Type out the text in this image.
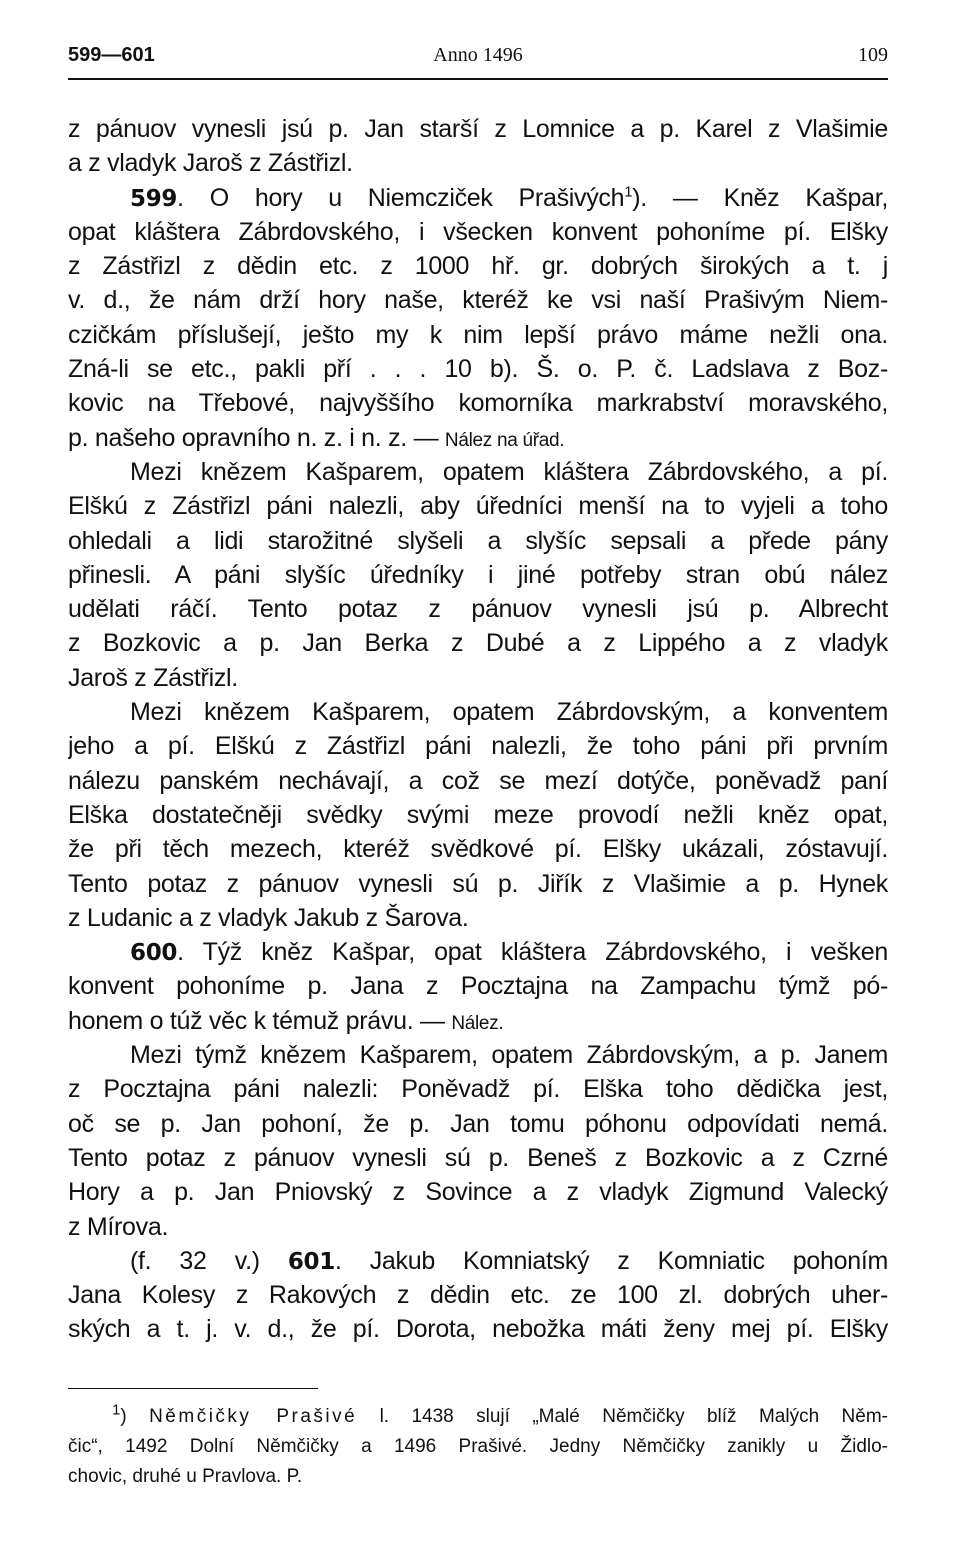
599—601	Anno 1496	109
z pánuov vynesli jsú p. Jan starší z Lomnice a p. Karel z Vlašimie
a z vladyk Jaroš z Zástřizl.
599. O hory u Niemcziček Prašivých$^1$). — Kněz Kašpar,
opat kláštera Zábrdovského, i všecken konvent pohoníme pí. Elšky
z Zástřizl z dědin etc. z 1000 hř. gr. dobrých širokých a t. j
v. d., že nám drží hory naše, kteréž ke vsi naší Prašivým Niem-
czičkám příslušejí, ješto my k nim lepší právo máme nežli ona.
Zná-li se etc., pakli pří . . . 10 b). Š. o. P. č. Ladslava z Boz-
kovic na Třebové, najvyššího komorníka markrabství moravského,
p. našeho opravního n. z. i n. z. — Nález na úřad.
Mezi knězem Kašparem, opatem kláštera Zábrdovského, a pí.
Elškú z Zástřizl páni nalezli, aby úředníci menší na to vyjeli a toho
ohledali a lidi starožitné slyšeli a slyšíc sepsali a přede pány
přinesli. A páni slyšíc úředníky i jiné potřeby stran obú nález
udělati ráčí. Tento potaz z pánuov vynesli jsú p. Albrecht
z Bozkovic a p. Jan Berka z Dubé a z Lippého a z vladyk
Jaroš z Zástřizl.
Mezi knězem Kašparem, opatem Zábrdovským, a konventem
jeho a pí. Elškú z Zástřizl páni nalezli, že toho páni při prvním
nálezu panském nechávají, a což se mezí dotýče, poněvadž paní
Elška dostatečněji svědky svými meze provodí nežli kněz opat,
že při těch mezech, kteréž svědkové pí. Elšky ukázali, zóstavují.
Tento potaz z pánuov vynesli sú p. Jiřík z Vlašimie a p. Hynek
z Ludanic a z vladyk Jakub z Šarova.
600. Týž kněz Kašpar, opat kláštera Zábrdovského, i vešken
konvent pohoníme p. Jana z Pocztajna na Zampachu týmž pó-
honem o túž věc k témuž právu. — Nález.
Mezi týmž knězem Kašparem, opatem Zábrdovským, a p. Janem
z Pocztajna páni nalezli: Poněvadž pí. Elška toho dědička jest,
oč se p. Jan pohoní, že p. Jan tomu póhonu odpovídati nemá.
Tento potaz z pánuov vynesli sú p. Beneš z Bozkovic a z Czrné
Hory a p. Jan Pniovský z Sovince a z vladyk Zigmund Valecký
z Mírova.
(f. 32 v.) 601. Jakub Komniatský z Komniatic pohoním
Jana Kolesy z Rakových z dědin etc. ze 100 zl. dobrých uher-
ských a t. j. v. d., že pí. Dorota, nebožka máti ženy mej pí. Elšky
$^1$) Němčičky Prašivé l. 1438 slují „Malé Němčičky blíž Malých Něm-
čic“, 1492 Dolní Němčičky a 1496 Prašivé. Jedny Němčičky zanikly u Židlo-
chovic, druhé u Pravlova. P.
